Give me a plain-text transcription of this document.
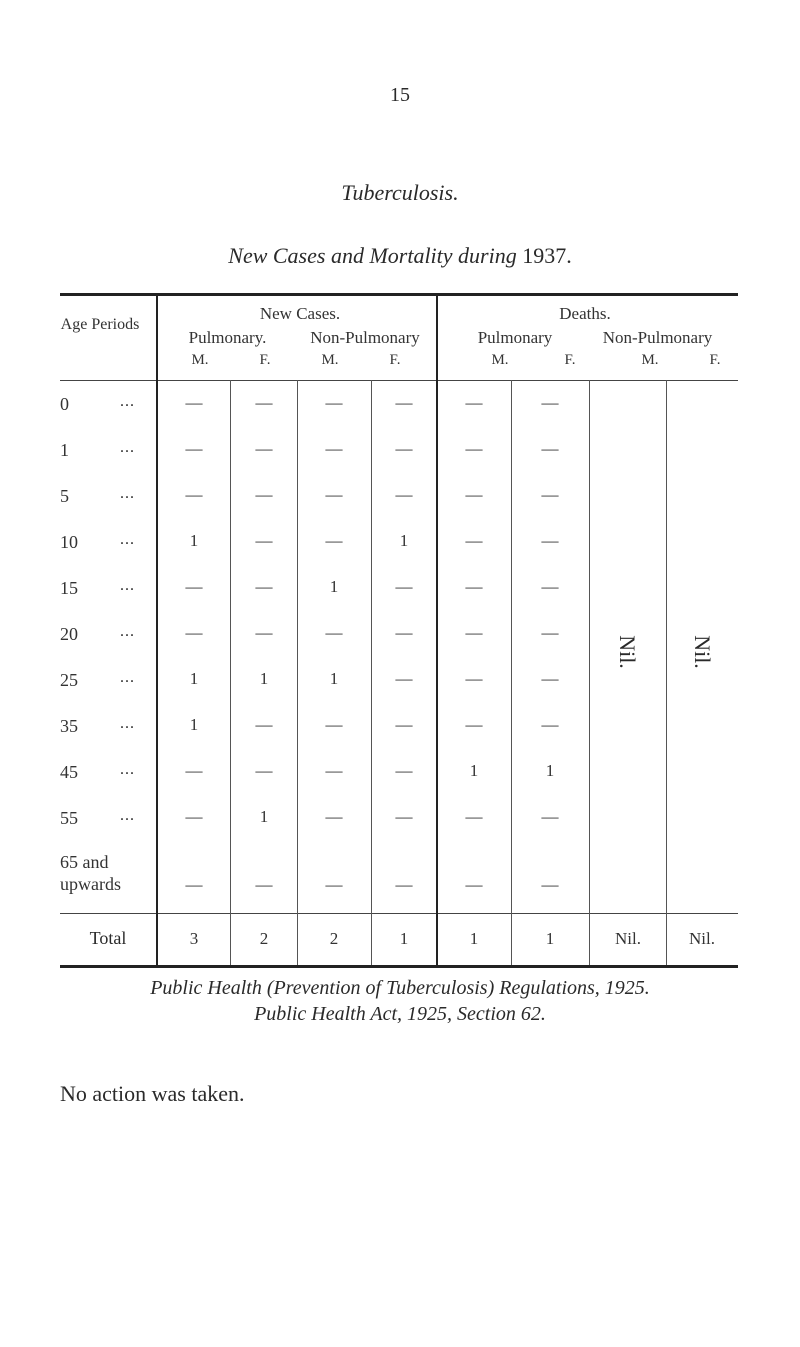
15
Tuberculosis.
New Cases and Mortality during 1937.
Age Periods
New Cases.	Deaths.
Pulmonary.	Non-Pulmonary	Pulmonary	Non-Pulmonary
M.	F.	M.	F.	M.	F.	M.	F.
0	...	—	—	—	—	—	—
1	...	—	—	—	—	—	—
5	...	—	—	—	—	—	—
10	...	1	—	—	1	—	—
15	...	—	—	1	—	—	—
20	...	—	—	—	—	—	—
25	...	1	1	1	—	—	—
35	...	1	—	—	—	—	—
45	...	—	—	—	—	1	1
55	...	—	1	—	—	—	—
65 and upwards	—	—	—	—	—	—
Nil. Nil.
Total	3	2	2	1	1	1	Nil.	Nil.
Public Health (Prevention of Tuberculosis) Regulations, 1925.
Public Health Act, 1925, Section 62.
No action was taken.
